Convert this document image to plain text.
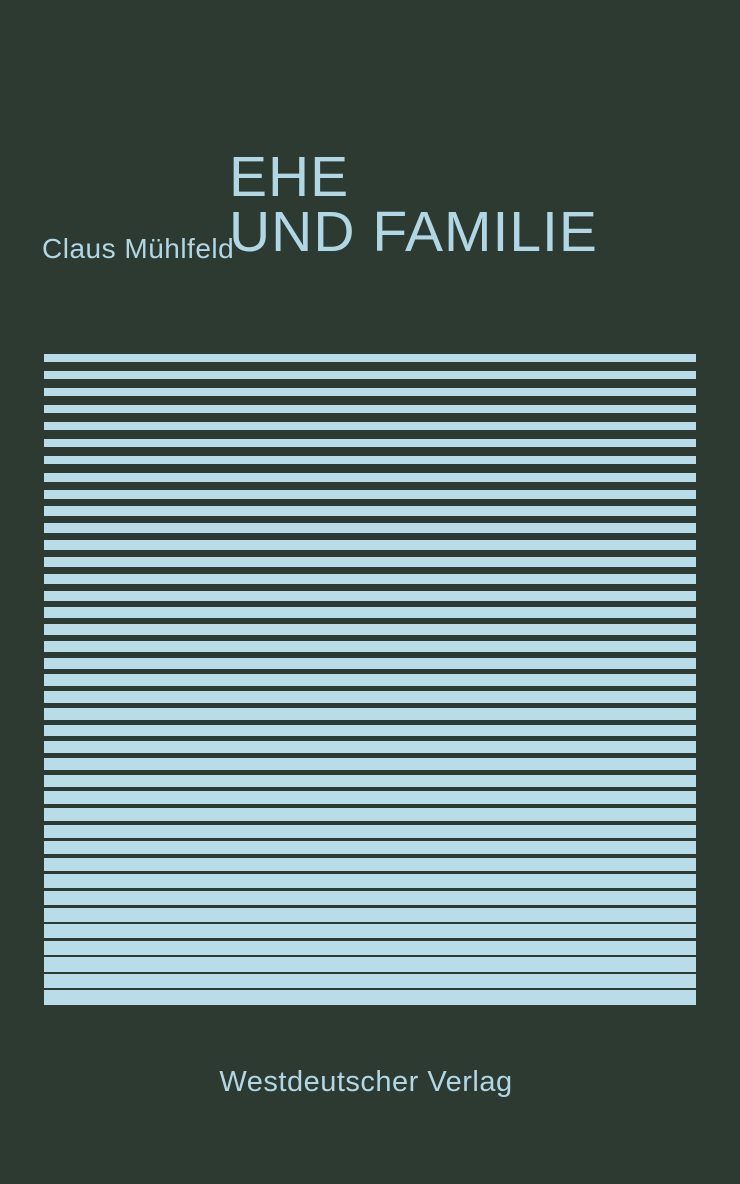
Claus Mühlfeld
EHE
UND FAMILIE
Westdeutscher Verlag
